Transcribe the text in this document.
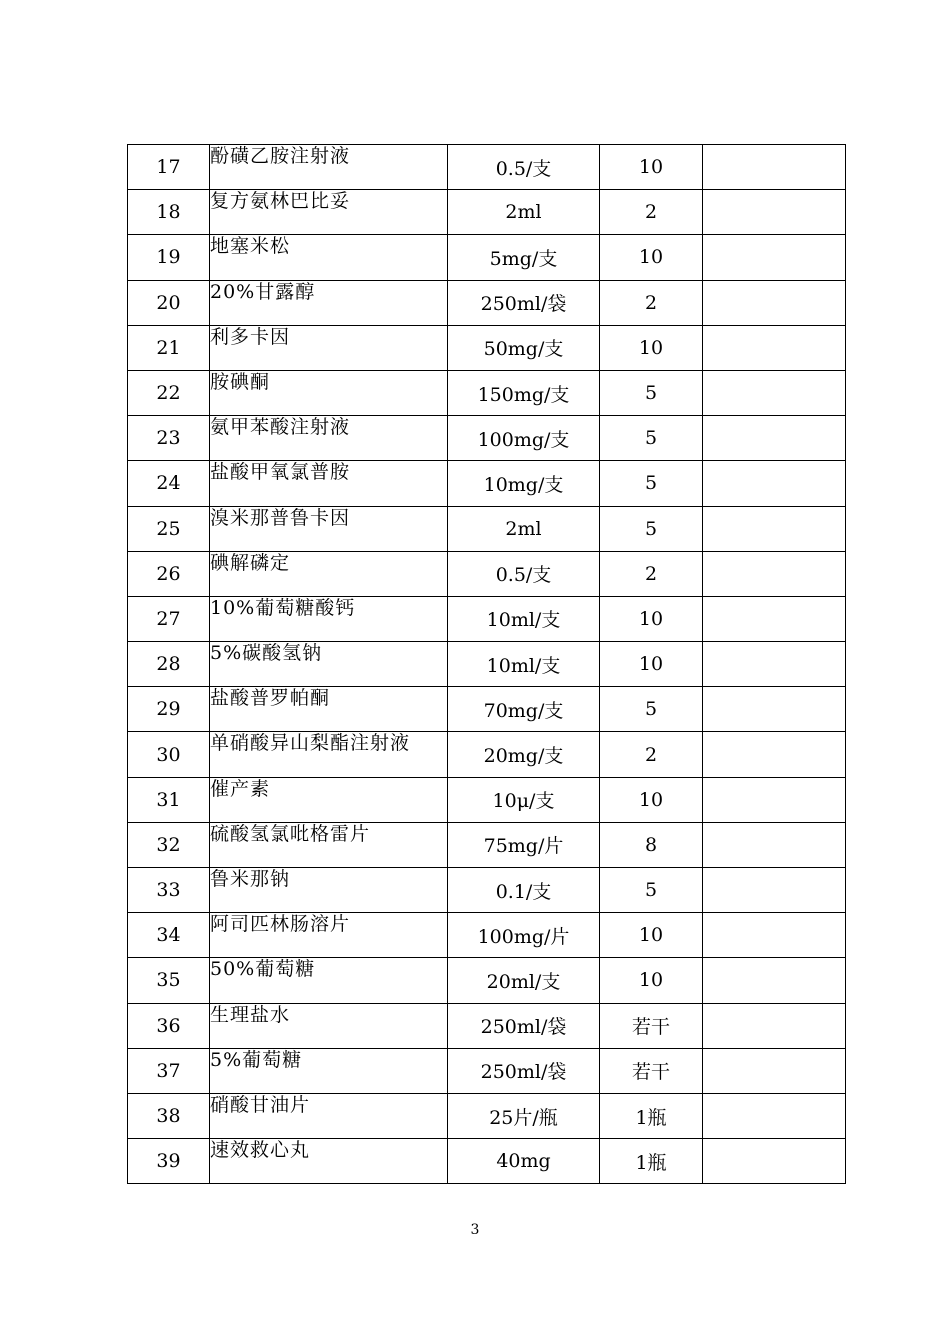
17	酚磺乙胺注射液	0.5/支	10	
18	复方氨林巴比妥	2ml	2	
19	地塞米松	5mg/支	10	
20	20%甘露醇	250ml/袋	2	
21	利多卡因	50mg/支	10	
22	胺碘酮	150mg/支	5	
23	氨甲苯酸注射液	100mg/支	5	
24	盐酸甲氧氯普胺	10mg/支	5	
25	溴米那普鲁卡因	2ml	5	
26	碘解磷定	0.5/支	2	
27	10%葡萄糖酸钙	10ml/支	10	
28	5%碳酸氢钠	10ml/支	10	
29	盐酸普罗帕酮	70mg/支	5	
30	单硝酸异山梨酯注射液	20mg/支	2	
31	催产素	10μ/支	10	
32	硫酸氢氯吡格雷片	75mg/片	8	
33	鲁米那钠	0.1/支	5	
34	阿司匹林肠溶片	100mg/片	10	
35	50%葡萄糖	20ml/支	10	
36	生理盐水	250ml/袋	若干	
37	5%葡萄糖	250ml/袋	若干	
38	硝酸甘油片	25片/瓶	1瓶	
39	速效救心丸	40mg	1瓶	
3
